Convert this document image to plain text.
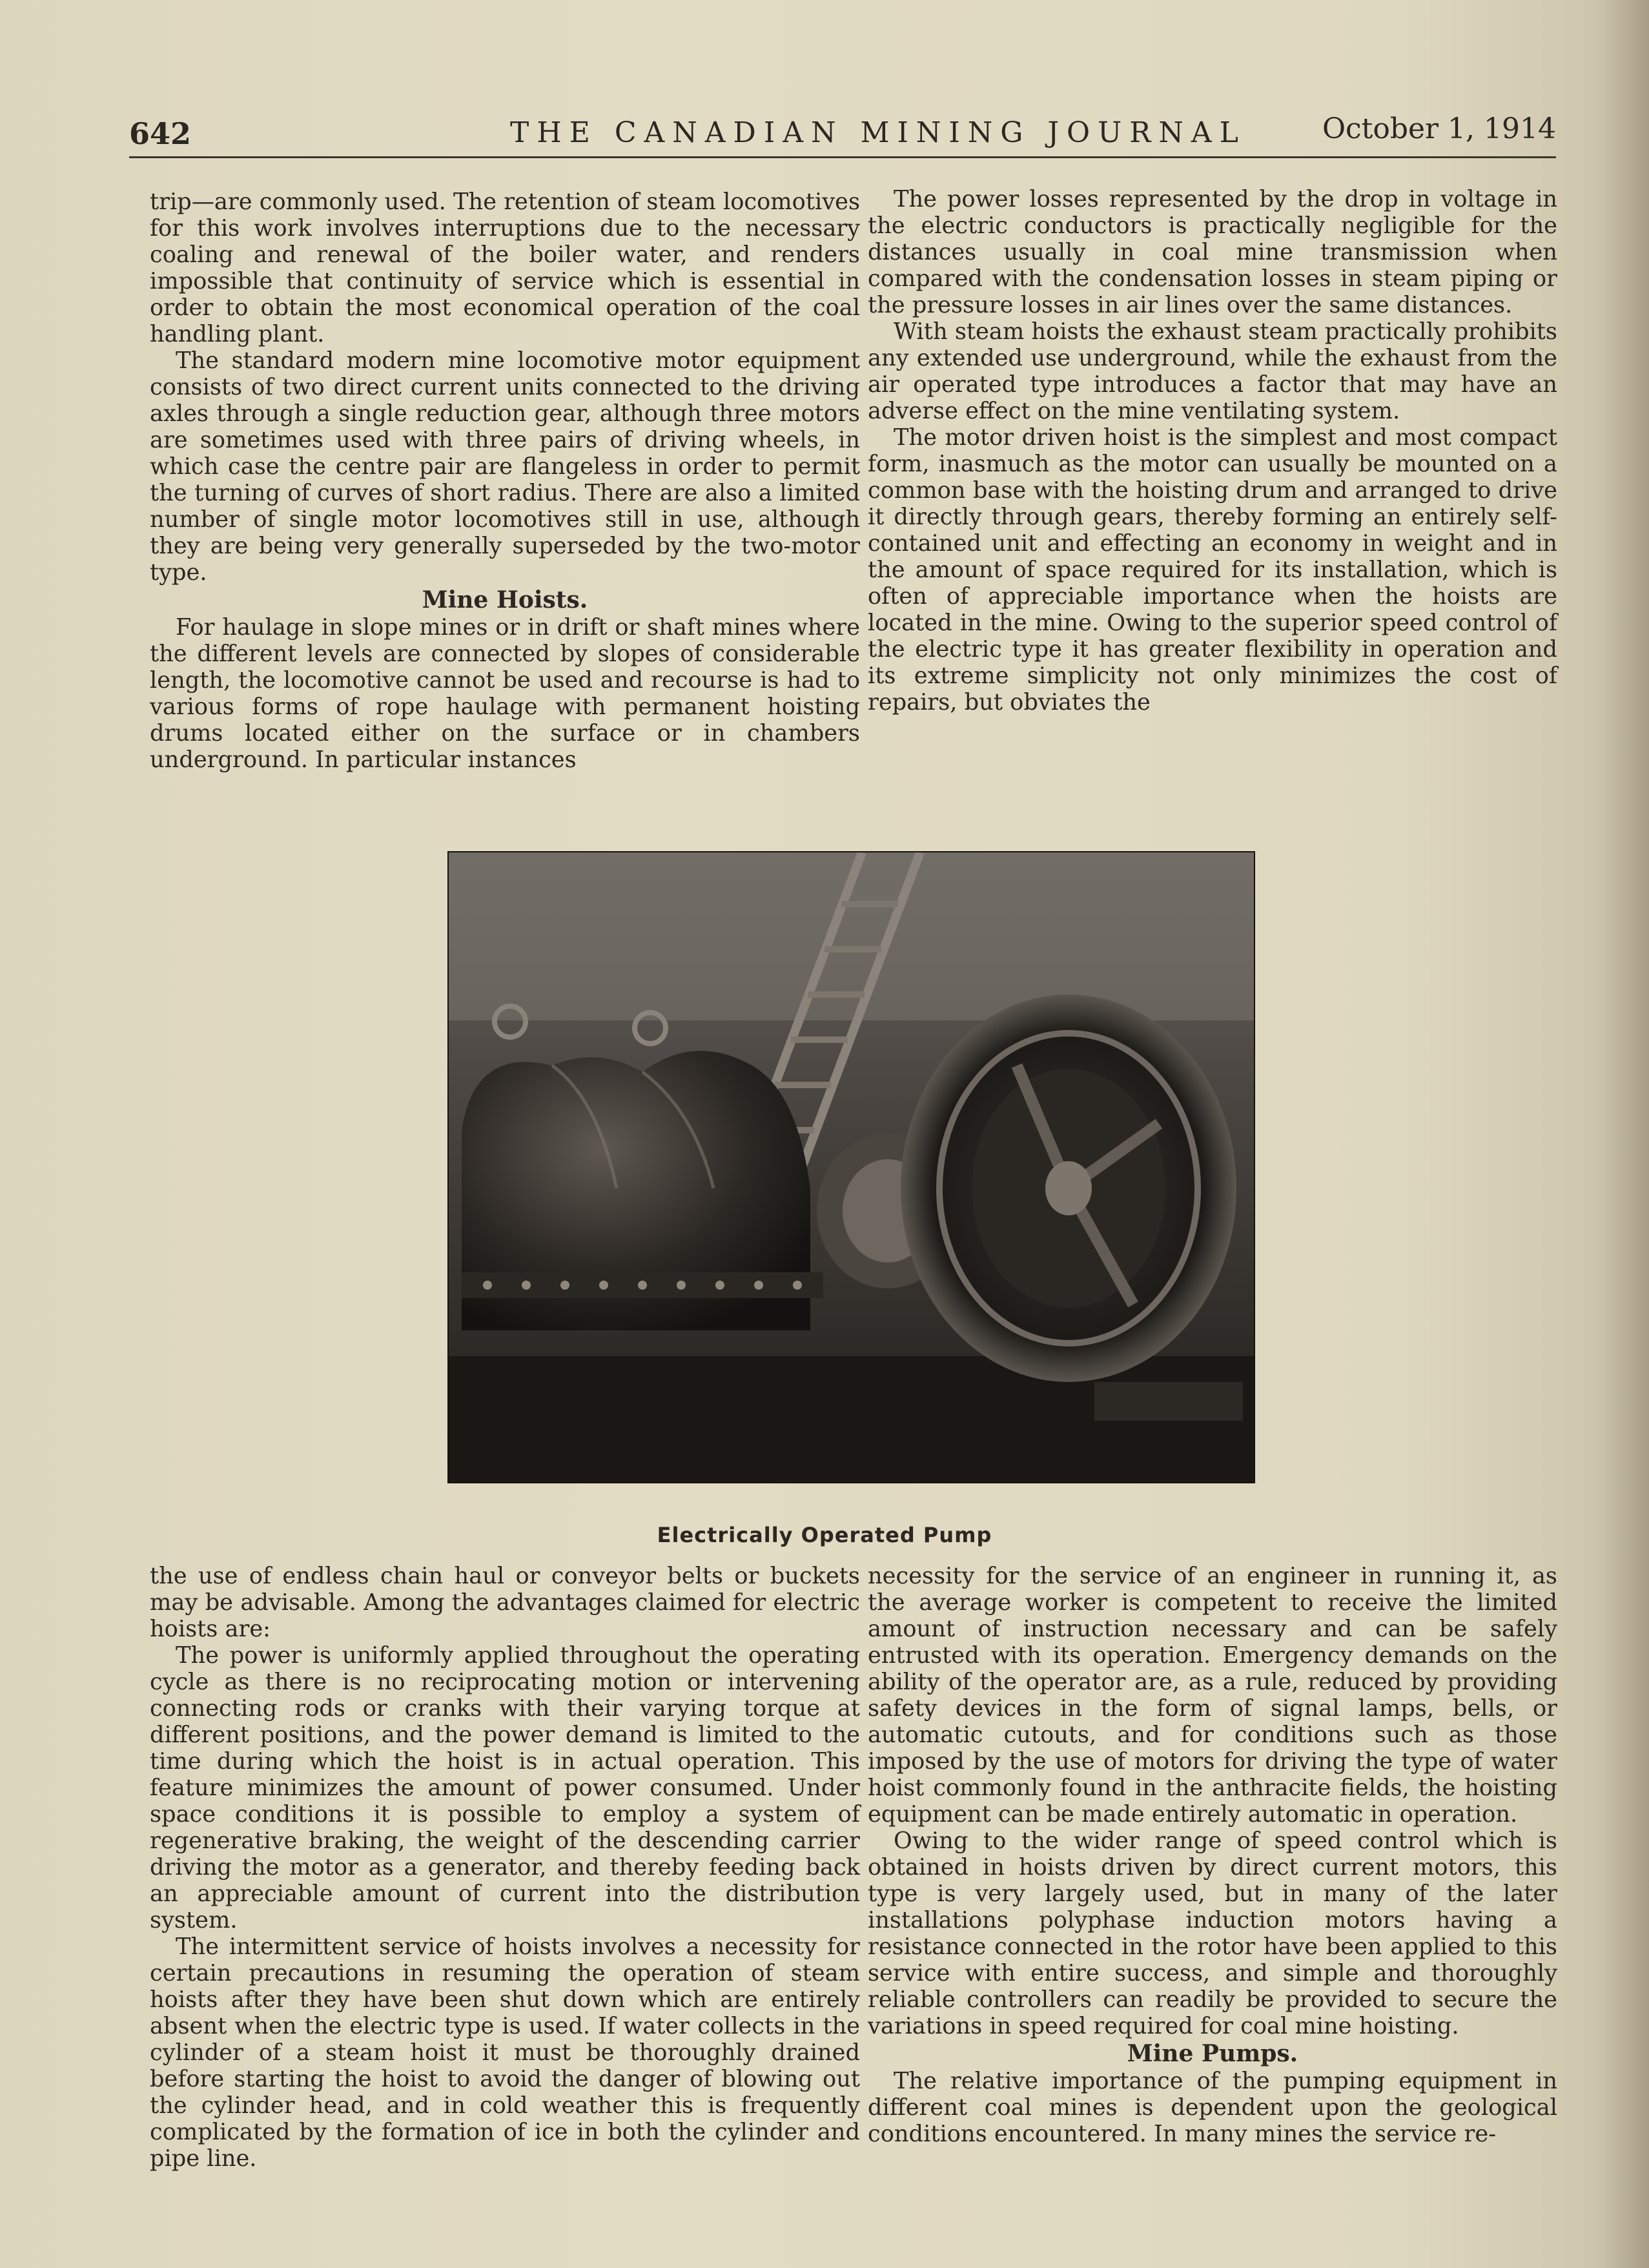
642	THE CANADIAN MINING JOURNAL	October 1, 1914

trip—are commonly used. The retention of steam locomotives for this work involves interruptions due to the necessary coaling and renewal of the boiler water, and renders impossible that continuity of service which is essential in order to obtain the most economical operation of the coal handling plant.

The standard modern mine locomotive motor equipment consists of two direct current units connected to the driving axles through a single reduction gear, although three motors are sometimes used with three pairs of driving wheels, in which case the centre pair are flangeless in order to permit the turning of curves of short radius. There are also a limited number of single motor locomotives still in use, although they are being very generally superseded by the two-motor type.

Mine Hoists.

For haulage in slope mines or in drift or shaft mines where the different levels are connected by slopes of considerable length, the locomotive cannot be used and recourse is had to various forms of rope haulage with permanent hoisting drums located either on the surface or in chambers underground. In particular instances

The power losses represented by the drop in voltage in the electric conductors is practically negligible for the distances usually in coal mine transmission when compared with the condensation losses in steam piping or the pressure losses in air lines over the same distances.

With steam hoists the exhaust steam practically prohibits any extended use underground, while the exhaust from the air operated type introduces a factor that may have an adverse effect on the mine ventilating system.

The motor driven hoist is the simplest and most compact form, inasmuch as the motor can usually be mounted on a common base with the hoisting drum and arranged to drive it directly through gears, thereby forming an entirely self-contained unit and effecting an economy in weight and in the amount of space required for its installation, which is often of appreciable importance when the hoists are located in the mine. Owing to the superior speed control of the electric type it has greater flexibility in operation and its extreme simplicity not only minimizes the cost of repairs, but obviates the

Electrically Operated Pump

the use of endless chain haul or conveyor belts or buckets may be advisable. Among the advantages claimed for electric hoists are:

The power is uniformly applied throughout the operating cycle as there is no reciprocating motion or intervening connecting rods or cranks with their varying torque at different positions, and the power demand is limited to the time during which the hoist is in actual operation. This feature minimizes the amount of power consumed. Under space conditions it is possible to employ a system of regenerative braking, the weight of the descending carrier driving the motor as a generator, and thereby feeding back an appreciable amount of current into the distribution system.

The intermittent service of hoists involves a necessity for certain precautions in resuming the operation of steam hoists after they have been shut down which are entirely absent when the electric type is used. If water collects in the cylinder of a steam hoist it must be thoroughly drained before starting the hoist to avoid the danger of blowing out the cylinder head, and in cold weather this is frequently complicated by the formation of ice in both the cylinder and pipe line.

necessity for the service of an engineer in running it, as the average worker is competent to receive the limited amount of instruction necessary and can be safely entrusted with its operation. Emergency demands on the ability of the operator are, as a rule, reduced by providing safety devices in the form of signal lamps, bells, or automatic cutouts, and for conditions such as those imposed by the use of motors for driving the type of water hoist commonly found in the anthracite fields, the hoisting equipment can be made entirely automatic in operation.

Owing to the wider range of speed control which is obtained in hoists driven by direct current motors, this type is very largely used, but in many of the later installations polyphase induction motors having a resistance connected in the rotor have been applied to this service with entire success, and simple and thoroughly reliable controllers can readily be provided to secure the variations in speed required for coal mine hoisting.

Mine Pumps.

The relative importance of the pumping equipment in different coal mines is dependent upon the geological conditions encountered. In many mines the service re-
